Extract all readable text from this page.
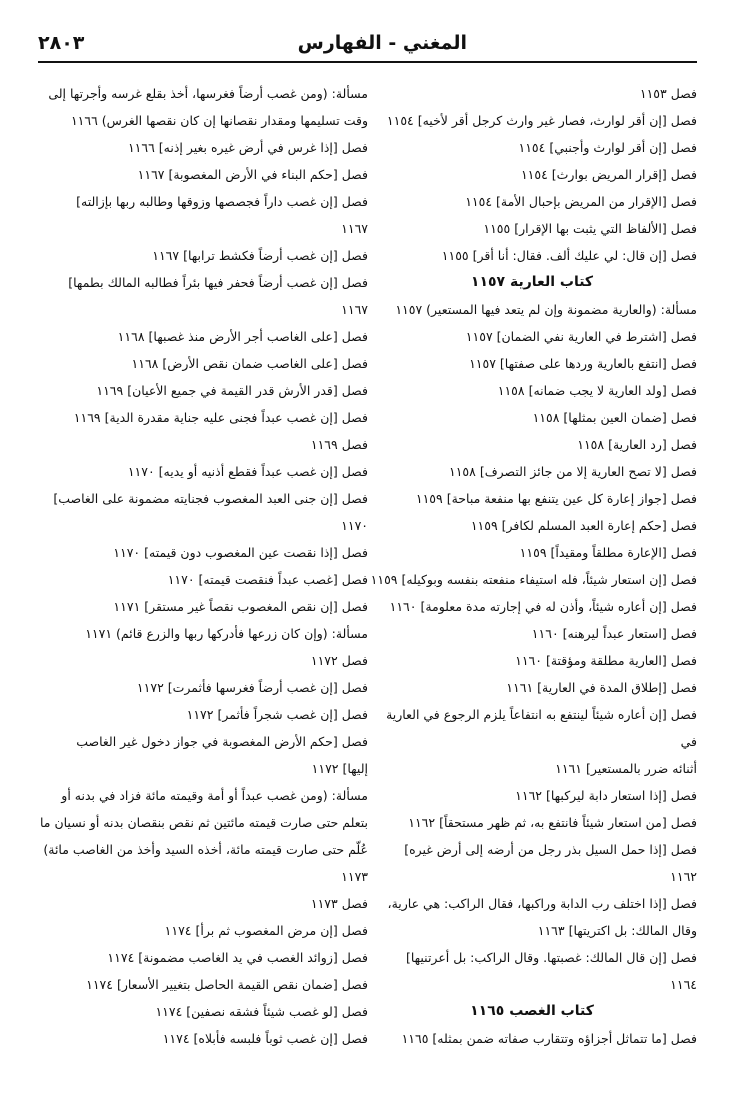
المغني - الفهارس
٢٨٠٣

فصل ١١٥٣

فصل [إن أقر لوارث، فصار غير وارث كرجل أقر لأخيه] ١١٥٤

فصل [إن أقر لوارث وأجنبي] ١١٥٤

فصل [إقرار المريض بوارث] ١١٥٤

فصل [الإقرار من المريض بإحبال الأمة] ١١٥٤

فصل [الألفاظ التي يثبت بها الإقرار] ١١٥٥

فصل [إن قال: لي عليك ألف. فقال: أنا أقر] ١١٥٥

كتاب العارية ١١٥٧

مسألة: (والعارية مضمونة وإن لم يتعد فيها المستعير) ١١٥٧

فصل [اشترط في العارية نفي الضمان] ١١٥٧

فصل [انتفع بالعارية وردها على صفتها] ١١٥٧

فصل [ولد العارية لا يجب ضمانه] ١١٥٨

فصل [ضمان العين بمثلها] ١١٥٨

فصل [رد العارية] ١١٥٨

فصل [لا تصح العارية إلا من جائز التصرف] ١١٥٨

فصل [جواز إعارة كل عين يتنفع بها منفعة مباحة] ١١٥٩

فصل [حكم إعارة العبد المسلم لكافر] ١١٥٩

فصل [الإعارة مطلقاً ومقيداً] ١١٥٩

فصل [إن استعار شيئاً، فله استيفاء منفعته بنفسه وبوكيله] ١١٥٩

فصل [إن أعاره شيئاً، وأذن له في إجارته مدة معلومة] ١١٦٠

فصل [استعار عبداً ليرهنه] ١١٦٠

فصل [العارية مطلقة ومؤقتة] ١١٦٠

فصل [إطلاق المدة في العارية] ١١٦١

فصل [إن أعاره شيئاً لينتفع به انتفاعاً يلزم الرجوع في العارية في

أثنائه ضرر بالمستعير] ١١٦١

فصل [إذا استعار دابة ليركبها] ١١٦٢

فصل [من استعار شيئاً فانتفع به، ثم ظهر مستحقاً] ١١٦٢

فصل [إذا حمل السيل بذر رجل من أرضه إلى أرض غيره]

١١٦٢

فصل [إذا اختلف رب الدابة وراكبها، فقال الراكب: هي عارية،

وقال المالك: بل اكتريتها] ١١٦٣

فصل [إن قال المالك: غصبتها. وقال الراكب: بل أعرتنيها]

١١٦٤

كتاب الغصب ١١٦٥

فصل [ما تتماثل أجزاؤه وتتقارب صفاته ضمن بمثله] ١١٦٥

مسألة: (ومن غصب أرضاً فغرسها، أخذ بقلع غرسه وأجرتها إلى

وقت تسليمها ومقدار نقصانها إن كان نقصها الغرس) ١١٦٦

فصل [إذا غرس في أرض غيره بغير إذنه] ١١٦٦

فصل [حكم البناء في الأرض المغصوبة] ١١٦٧

فصل [إن غصب داراً فجصصها وزوقها وطالبه ربها بإزالته]

١١٦٧

فصل [إن غصب أرضاً فكشط ترابها] ١١٦٧

فصل [إن غصب أرضاً فحفر فيها بئراً فطالبه المالك بطمها]

١١٦٧

فصل [على الغاصب أجر الأرض منذ غصبها] ١١٦٨

فصل [على الغاصب ضمان نقص الأرض] ١١٦٨

فصل [قدر الأرش قدر القيمة في جميع الأعيان] ١١٦٩

فصل [إن غصب عبداً فجنى عليه جناية مقدرة الدية] ١١٦٩

فصل ١١٦٩

فصل [إن غصب عبداً فقطع أذنيه أو يديه] ١١٧٠

فصل [إن جنى العبد المغصوب فجنايته مضمونة على الغاصب]

١١٧٠

فصل [إذا نقصت عين المغصوب دون قيمته] ١١٧٠

فصل [غصب عبداً فنقصت قيمته] ١١٧٠

فصل [إن نقص المغصوب نقصاً غير مستقر] ١١٧١

مسألة: (وإن كان زرعها فأدركها ربها والزرع قائم) ١١٧١

فصل ١١٧٢

فصل [إن غصب أرضاً فغرسها فأثمرت] ١١٧٢

فصل [إن غصب شجراً فأثمر] ١١٧٢

فصل [حكم الأرض المغصوبة في جواز دخول غير الغاصب

إليها] ١١٧٢

مسألة: (ومن غصب عبداً أو أمة وقيمته مائة فزاد في بدنه أو

بتعلم حتى صارت قيمته مائتين ثم نقص بنقصان بدنه أو نسيان ما

عُلّم حتى صارت قيمته مائة، أخذه السيد وأخذ من الغاصب مائة)

١١٧٣

فصل ١١٧٣

فصل [إن مرض المغصوب ثم برأ] ١١٧٤

فصل [زوائد الغصب في يد الغاصب مضمونة] ١١٧٤

فصل [ضمان نقص القيمة الحاصل بتغيير الأسعار] ١١٧٤

فصل [لو غصب شيئاً فشقه نصفين] ١١٧٤

فصل [إن غصب ثوباً فلبسه فأبلاه] ١١٧٤
